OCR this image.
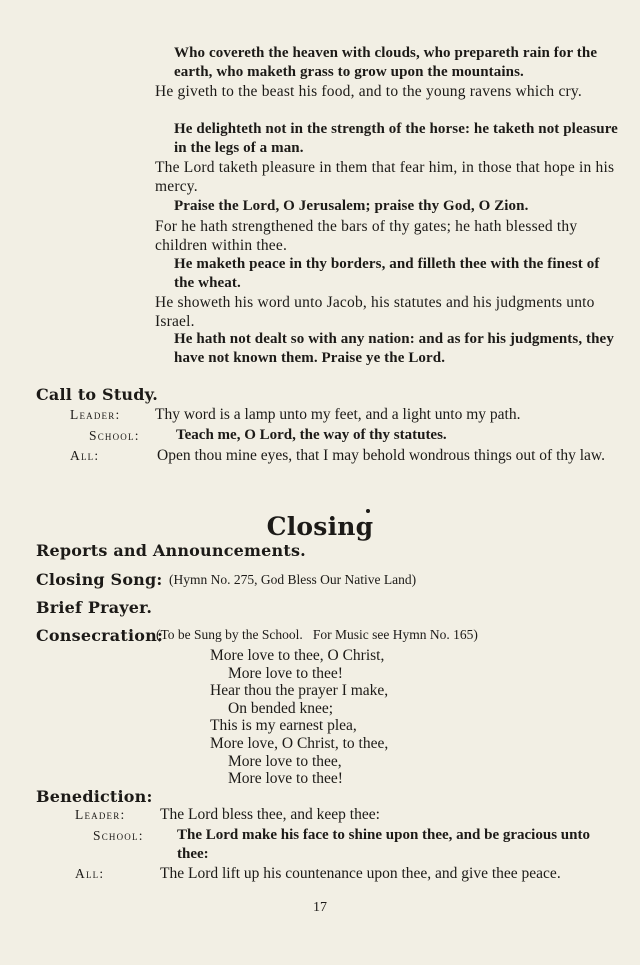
Who covereth the heaven with clouds, who prepareth rain for the earth, who maketh grass to grow upon the mountains.

He giveth to the beast his food, and to the young ravens which cry.

He delighteth not in the strength of the horse: he taketh not pleasure in the legs of a man.

The Lord taketh pleasure in them that fear him, in those that hope in his mercy.

Praise the Lord, O Jerusalem; praise thy God, O Zion.

For he hath strengthened the bars of thy gates; he hath blessed thy children within thee.

He maketh peace in thy borders, and filleth thee with the finest of the wheat.

He showeth his word unto Jacob, his statutes and his judgments unto Israel.

He hath not dealt so with any nation: and as for his judgments, they have not known them. Praise ye the Lord.

Call to Study.
Leader: Thy word is a lamp unto my feet, and a light unto my path.

School: Teach me, O Lord, the way of thy statutes.

All:	Open thou mine eyes, that I may behold wondrous things out of thy law.

Closing
Reports and Announcements.
Closing Song: (Hymn No. 275, God Bless Our Native Land)
Brief Prayer.
Consecration:
(To be Sung by the School.   For Music see Hymn No. 165)
More love to thee, O Christ,
More love to thee!
Hear thou the prayer I make,
On bended knee;
This is my earnest plea,
More love, O Christ, to thee,
More love to thee,
More love to thee!
Benediction:
Leader: The Lord bless thee, and keep thee:

School: The Lord make his face to shine upon thee, and be gracious unto thee:

All:	The Lord lift up his countenance upon thee, and give thee peace.

17
